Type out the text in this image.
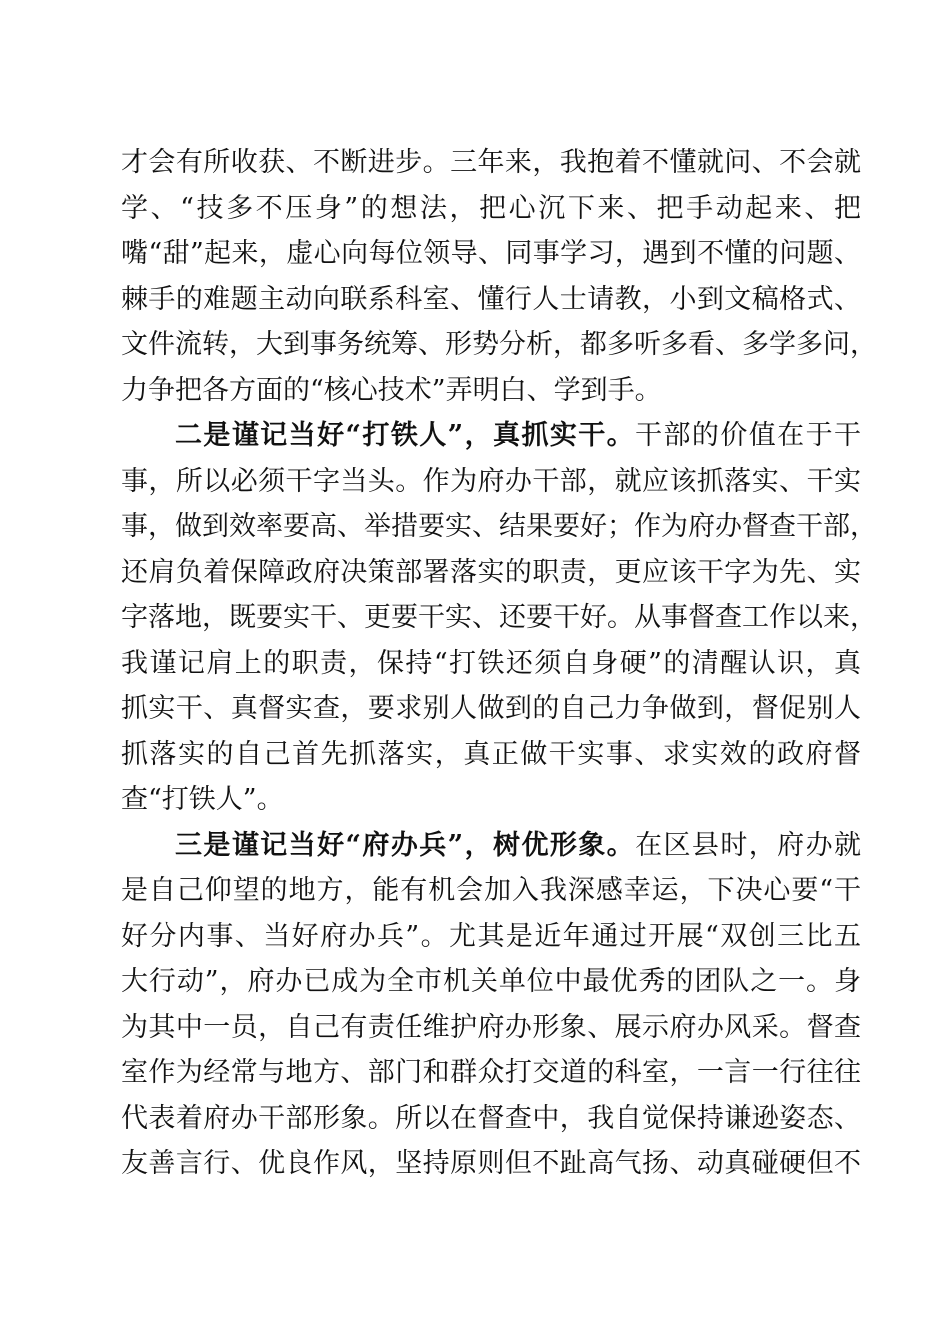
才会有所收获、不断进步。三年来，我抱着不懂就问、不会就
学、“技多不压身”的想法，把心沉下来、把手动起来、把
嘴“甜”起来，虚心向每位领导、同事学习，遇到不懂的问题、
棘手的难题主动向联系科室、懂行人士请教，小到文稿格式、
文件流转，大到事务统筹、形势分析，都多听多看、多学多问，
力争把各方面的“核心技术”弄明白、学到手。
二是谨记当好“打铁人”，真抓实干。干部的价值在于干
事，所以必须干字当头。作为府办干部，就应该抓落实、干实
事，做到效率要高、举措要实、结果要好；作为府办督查干部，
还肩负着保障政府决策部署落实的职责，更应该干字为先、实
字落地，既要实干、更要干实、还要干好。从事督查工作以来，
我谨记肩上的职责，保持“打铁还须自身硬”的清醒认识，真
抓实干、真督实查，要求别人做到的自己力争做到，督促别人
抓落实的自己首先抓落实，真正做干实事、求实效的政府督
查“打铁人”。
三是谨记当好“府办兵”，树优形象。在区县时，府办就
是自己仰望的地方，能有机会加入我深感幸运，下决心要“干
好分内事、当好府办兵”。尤其是近年通过开展“双创三比五
大行动”，府办已成为全市机关单位中最优秀的团队之一。身
为其中一员，自己有责任维护府办形象、展示府办风采。督查
室作为经常与地方、部门和群众打交道的科室，一言一行往往
代表着府办干部形象。所以在督查中，我自觉保持谦逊姿态、
友善言行、优良作风，坚持原则但不趾高气扬、动真碰硬但不
